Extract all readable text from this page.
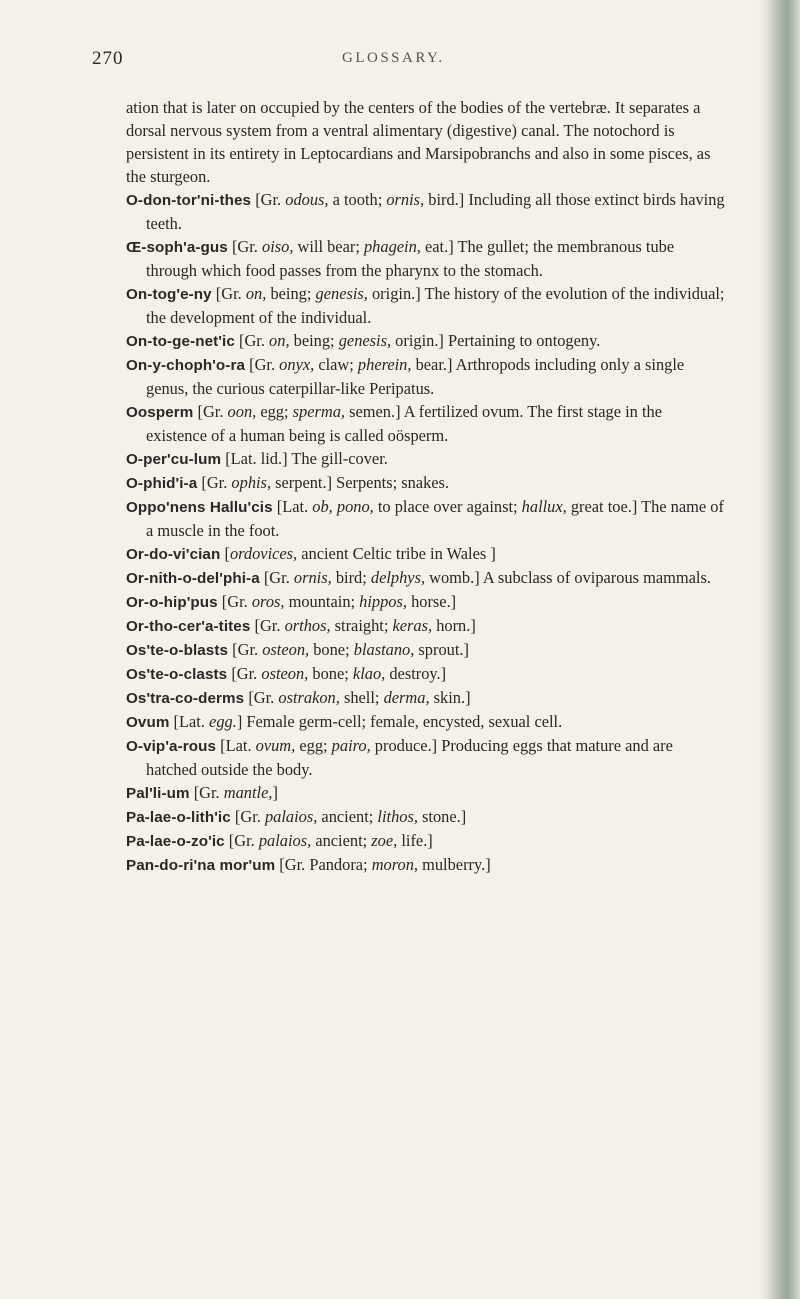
270	GLOSSARY.
ation that is later on occupied by the centers of the bodies of the vertebræ. It separates a dorsal nervous system from a ventral alimentary (digestive) canal. The notochord is persistent in its entirety in Leptocardians and Marsipobranchs and also in some pisces, as the sturgeon.
O-don-tor'ni-thes [Gr. odous, a tooth; ornis, bird.] Including all those extinct birds having teeth.
Œ-soph'a-gus [Gr. oiso, will bear; phagein, eat.] The gullet; the membranous tube through which food passes from the pharynx to the stomach.
On-tog'e-ny [Gr. on, being; genesis, origin.] The history of the evolution of the individual; the development of the individual.
On-to-ge-net'ic [Gr. on, being; genesis, origin.] Pertaining to ontogeny.
On-y-choph'o-ra [Gr. onyx, claw; pherein, bear.] Arthropods including only a single genus, the curious caterpillar-like Peripatus.
Oosperm [Gr. oon, egg; sperma, semen.] A fertilized ovum. The first stage in the existence of a human being is called oösperm.
O-per'cu-lum [Lat. lid.] The gill-cover.
O-phid'i-a [Gr. ophis, serpent.] Serpents; snakes.
Oppo'nens Hallu'cis [Lat. ob, pono, to place over against; hallux, great toe.] The name of a muscle in the foot.
Or-do-vi'cian [ordovices, ancient Celtic tribe in Wales ]
Or-nith-o-del'phi-a [Gr. ornis, bird; delphys, womb.] A subclass of oviparous mammals.
Or-o-hip'pus [Gr. oros, mountain; hippos, horse.]
Or-tho-cer'a-tites [Gr. orthos, straight; keras, horn.]
Os'te-o-blasts [Gr. osteon, bone; blastano, sprout.]
Os'te-o-clasts [Gr. osteon, bone; klao, destroy.]
Os'tra-co-derms [Gr. ostrakon, shell; derma, skin.]
Ovum [Lat. egg.] Female germ-cell; female, encysted, sexual cell.
O-vip'a-rous [Lat. ovum, egg; pairo, produce.] Producing eggs that mature and are hatched outside the body.
Pal'li-um [Gr. mantle,]
Pa-lae-o-lith'ic [Gr. palaios, ancient; lithos, stone.]
Pa-lae-o-zo'ic [Gr. palaios, ancient; zoe, life.]
Pan-do-ri'na mor'um [Gr. Pandora; moron, mulberry.]
